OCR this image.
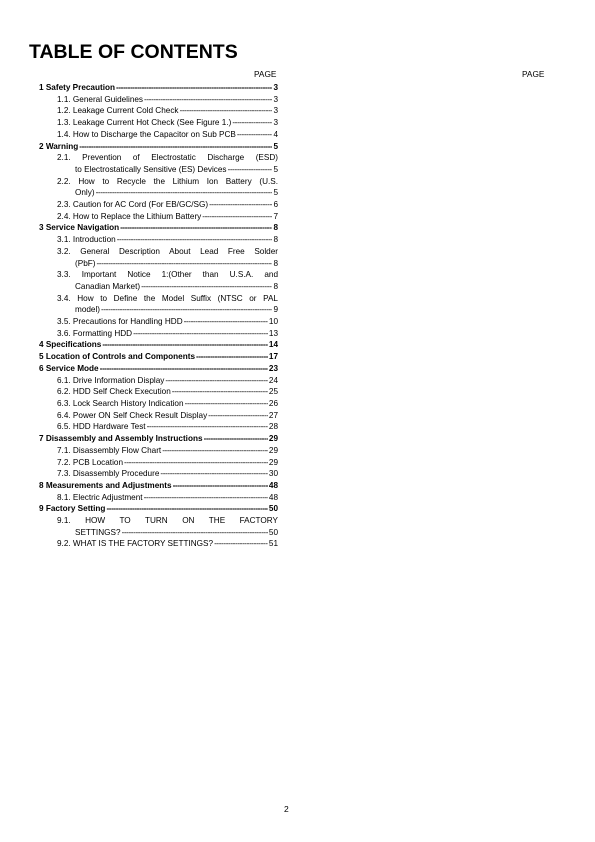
TABLE OF CONTENTS
PAGE	PAGE
1 Safety Precaution -----	3
1.1. General Guidelines -----	3
1.2. Leakage Current Cold Check -----	3
1.3. Leakage Current Hot Check (See Figure 1.) -----	3
1.4. How to Discharge the Capacitor on Sub PCB -----	4
2 Warning -----	5
2.1. Prevention of Electrostatic Discharge (ESD)
to Electrostatically Sensitive (ES) Devices -----	5
2.2. How to Recycle the Lithium Ion Battery (U.S.
Only) -----	5
2.3. Caution for AC Cord (For EB/GC/SG) -----	6
2.4. How to Replace the Lithium Battery -----	7
3 Service Navigation -----	8
3.1. Introduction -----	8
3.2. General Description About Lead Free Solder
(PbF) -----	8
3.3. Important Notice 1:(Other than U.S.A. and
Canadian Market) -----	8
3.4. How to Define the Model Suffix (NTSC or PAL
model) -----	9
3.5. Precautions for Handling HDD -----	10
3.6. Formatting HDD -----	13
4 Specifications -----	14
5 Location of Controls and Components -----	17
6 Service Mode -----	23
6.1. Drive Information Display -----	24
6.2. HDD Self Check Execution -----	25
6.3. Lock Search History Indication -----	26
6.4. Power ON Self Check Result Display -----	27
6.5. HDD Hardware Test -----	28
7 Disassembly and Assembly Instructions -----	29
7.1. Disassembly Flow Chart -----	29
7.2. PCB Location -----	29
7.3. Disassembly Procedure -----	30
8 Measurements and Adjustments -----	48
8.1. Electric Adjustment -----	48
9 Factory Setting -----	50
9.1. HOW TO TURN ON THE FACTORY
SETTINGS? -----	50
9.2. WHAT IS THE FACTORY SETTINGS? -----	51
2
